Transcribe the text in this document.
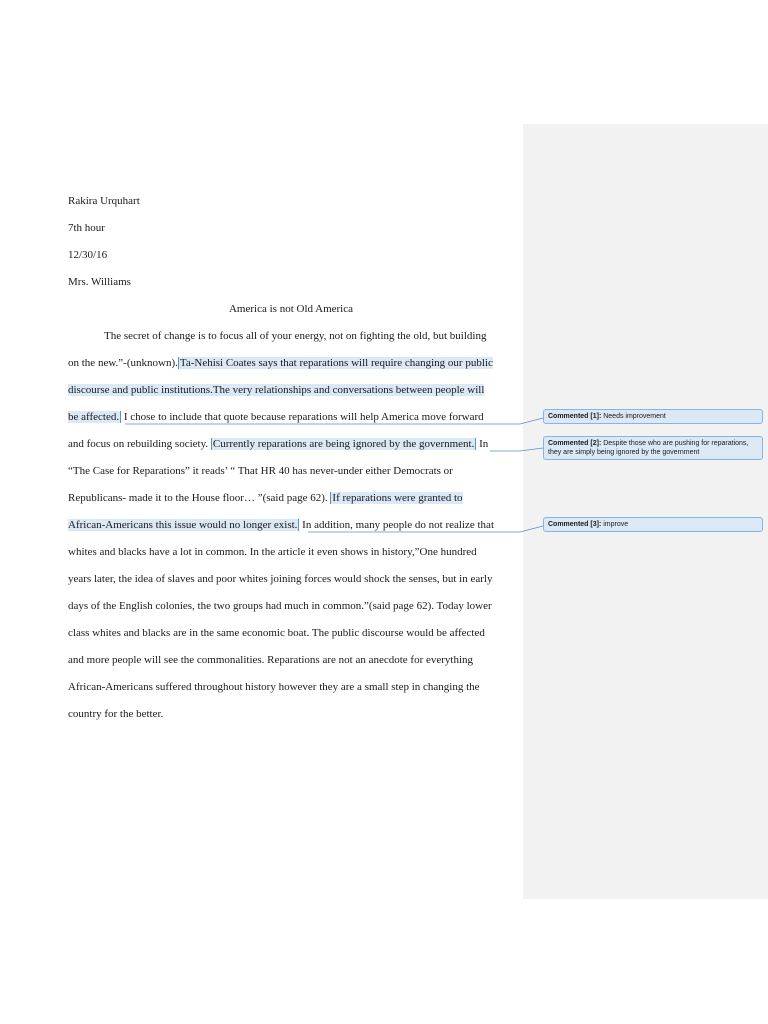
Rakira Urquhart
7th hour
12/30/16
Mrs. Williams
America is not Old America
The secret of change is to focus all of your energy, not on fighting the old, but building
on the new.”-(unknown). Ta-Nehisi Coates says that reparations will require changing our public
discourse and public institutions.The very relationships and conversations between people will
be affected. I chose to include that quote because reparations will help America move forward
and focus on rebuilding society. Currently reparations are being ignored by the government. In
“The Case for Reparations” it reads’ “ That HR 40 has never-under either Democrats or
Republicans- made it to the House floor… ”(said page 62). If reparations were granted to
African-Americans this issue would no longer exist. In addition, many people do not realize that
whites and blacks have a lot in common. In the article it even shows in history,”One hundred
years later, the idea of slaves and poor whites joining forces would shock the senses, but in early
days of the English colonies, the two groups had much in common.”(said page 62). Today lower
class whites and blacks are in the same economic boat. The public discourse would be affected
and more people will see the commonalities. Reparations are not an anecdote for everything
African-Americans suffered throughout history however they are a small step in changing the
country for the better.
Commented [1]: Needs improvement
Commented [2]: Despite those who are pushing for reparations, they are simply being ignored by the government
Commented [3]: improve
